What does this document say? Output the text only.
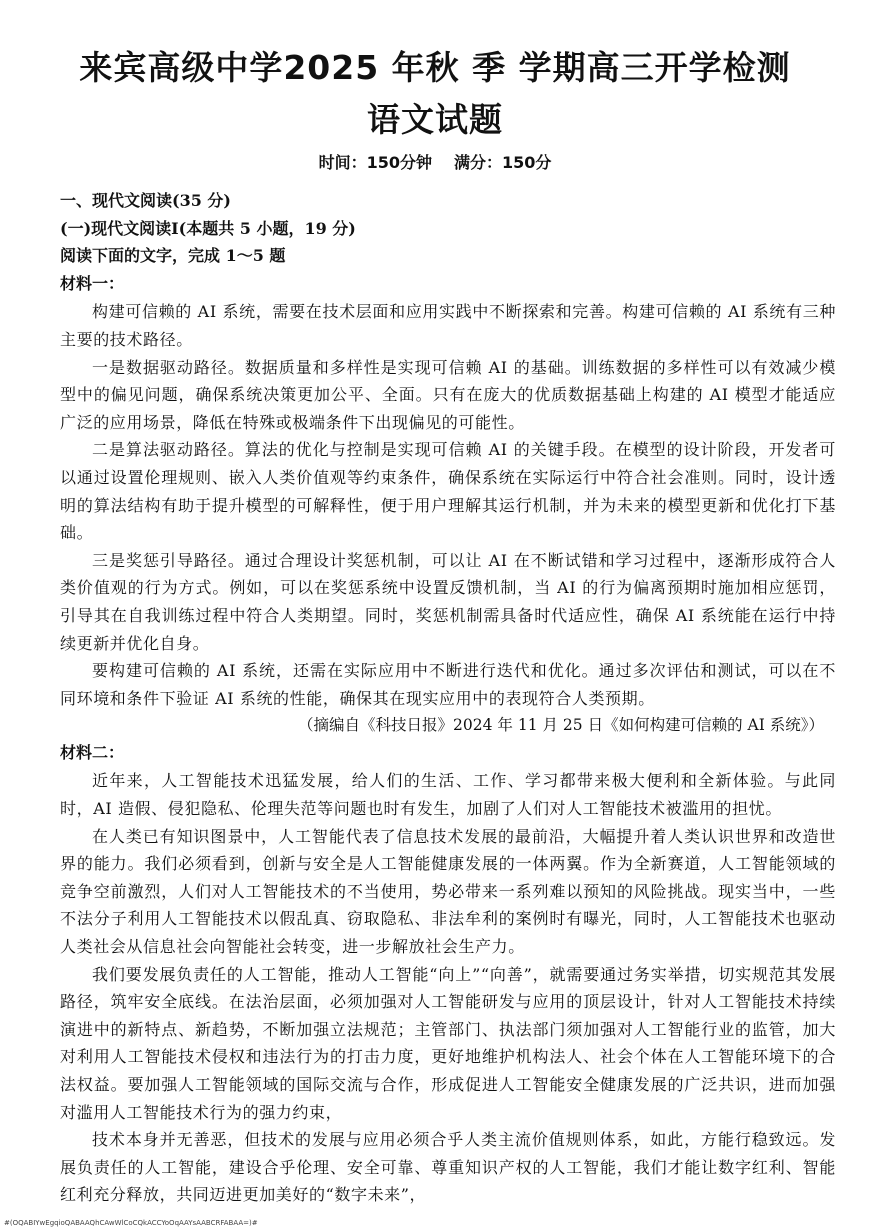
来宾高级中学2025 年秋 季 学期高三开学检测
语文试题
时间：150分钟 满分：150分
一、现代文阅读(35 分)
(一)现代文阅读Ⅰ(本题共 5 小题，19 分)
阅读下面的文字，完成 1～5 题
材料一：

构建可信赖的 AI 系统，需要在技术层面和应用实践中不断探索和完善。构建可信赖的 AI 系统有三种主要的技术路径。

一是数据驱动路径。数据质量和多样性是实现可信赖 AI 的基础。训练数据的多样性可以有效减少模型中的偏见问题，确保系统决策更加公平、全面。只有在庞大的优质数据基础上构建的 AI 模型才能适应广泛的应用场景，降低在特殊或极端条件下出现偏见的可能性。

二是算法驱动路径。算法的优化与控制是实现可信赖 AI 的关键手段。在模型的设计阶段，开发者可以通过设置伦理规则、嵌入人类价值观等约束条件，确保系统在实际运行中符合社会准则。同时，设计透明的算法结构有助于提升模型的可解释性，便于用户理解其运行机制，并为未来的模型更新和优化打下基础。

三是奖惩引导路径。通过合理设计奖惩机制，可以让 AI 在不断试错和学习过程中，逐渐形成符合人类价值观的行为方式。例如，可以在奖惩系统中设置反馈机制，当 AI 的行为偏离预期时施加相应惩罚，引导其在自我训练过程中符合人类期望。同时，奖惩机制需具备时代适应性，确保 AI 系统能在运行中持续更新并优化自身。

要构建可信赖的 AI 系统，还需在实际应用中不断进行迭代和优化。通过多次评估和测试，可以在不同环境和条件下验证 AI 系统的性能，确保其在现实应用中的表现符合人类预期。

（摘编自《科技日报》2024 年 11 月 25 日《如何构建可信赖的 AI 系统》）
材料二：

近年来，人工智能技术迅猛发展，给人们的生活、工作、学习都带来极大便利和全新体验。与此同时，AI 造假、侵犯隐私、伦理失范等问题也时有发生，加剧了人们对人工智能技术被滥用的担忧。

在人类已有知识图景中，人工智能代表了信息技术发展的最前沿，大幅提升着人类认识世界和改造世界的能力。我们必须看到，创新与安全是人工智能健康发展的一体两翼。作为全新赛道，人工智能领域的竞争空前激烈，人们对人工智能技术的不当使用，势必带来一系列难以预知的风险挑战。现实当中，一些不法分子利用人工智能技术以假乱真、窃取隐私、非法牟利的案例时有曝光，同时，人工智能技术也驱动人类社会从信息社会向智能社会转变，进一步解放社会生产力。

我们要发展负责任的人工智能，推动人工智能“向上”“向善”，就需要通过务实举措，切实规范其发展路径，筑牢安全底线。在法治层面，必须加强对人工智能研发与应用的顶层设计，针对人工智能技术持续演进中的新特点、新趋势，不断加强立法规范；主管部门、执法部门须加强对人工智能行业的监管，加大对利用人工智能技术侵权和违法行为的打击力度，更好地维护机构法人、社会个体在人工智能环境下的合法权益。要加强人工智能领域的国际交流与合作，形成促进人工智能安全健康发展的广泛共识，进而加强对滥用人工智能技术行为的强力约束，

技术本身并无善恶，但技术的发展与应用必须合乎人类主流价值规则体系，如此，方能行稳致远。发展负责任的人工智能，建设合乎伦理、安全可靠、尊重知识产权的人工智能，我们才能让数字红利、智能红利充分释放，共同迈进更加美好的“数字未来”，

#(OQABIYwEgqioQABAAQhCAwWlCoCQkACCYoOqAAYsAABCRFABAA=)#
